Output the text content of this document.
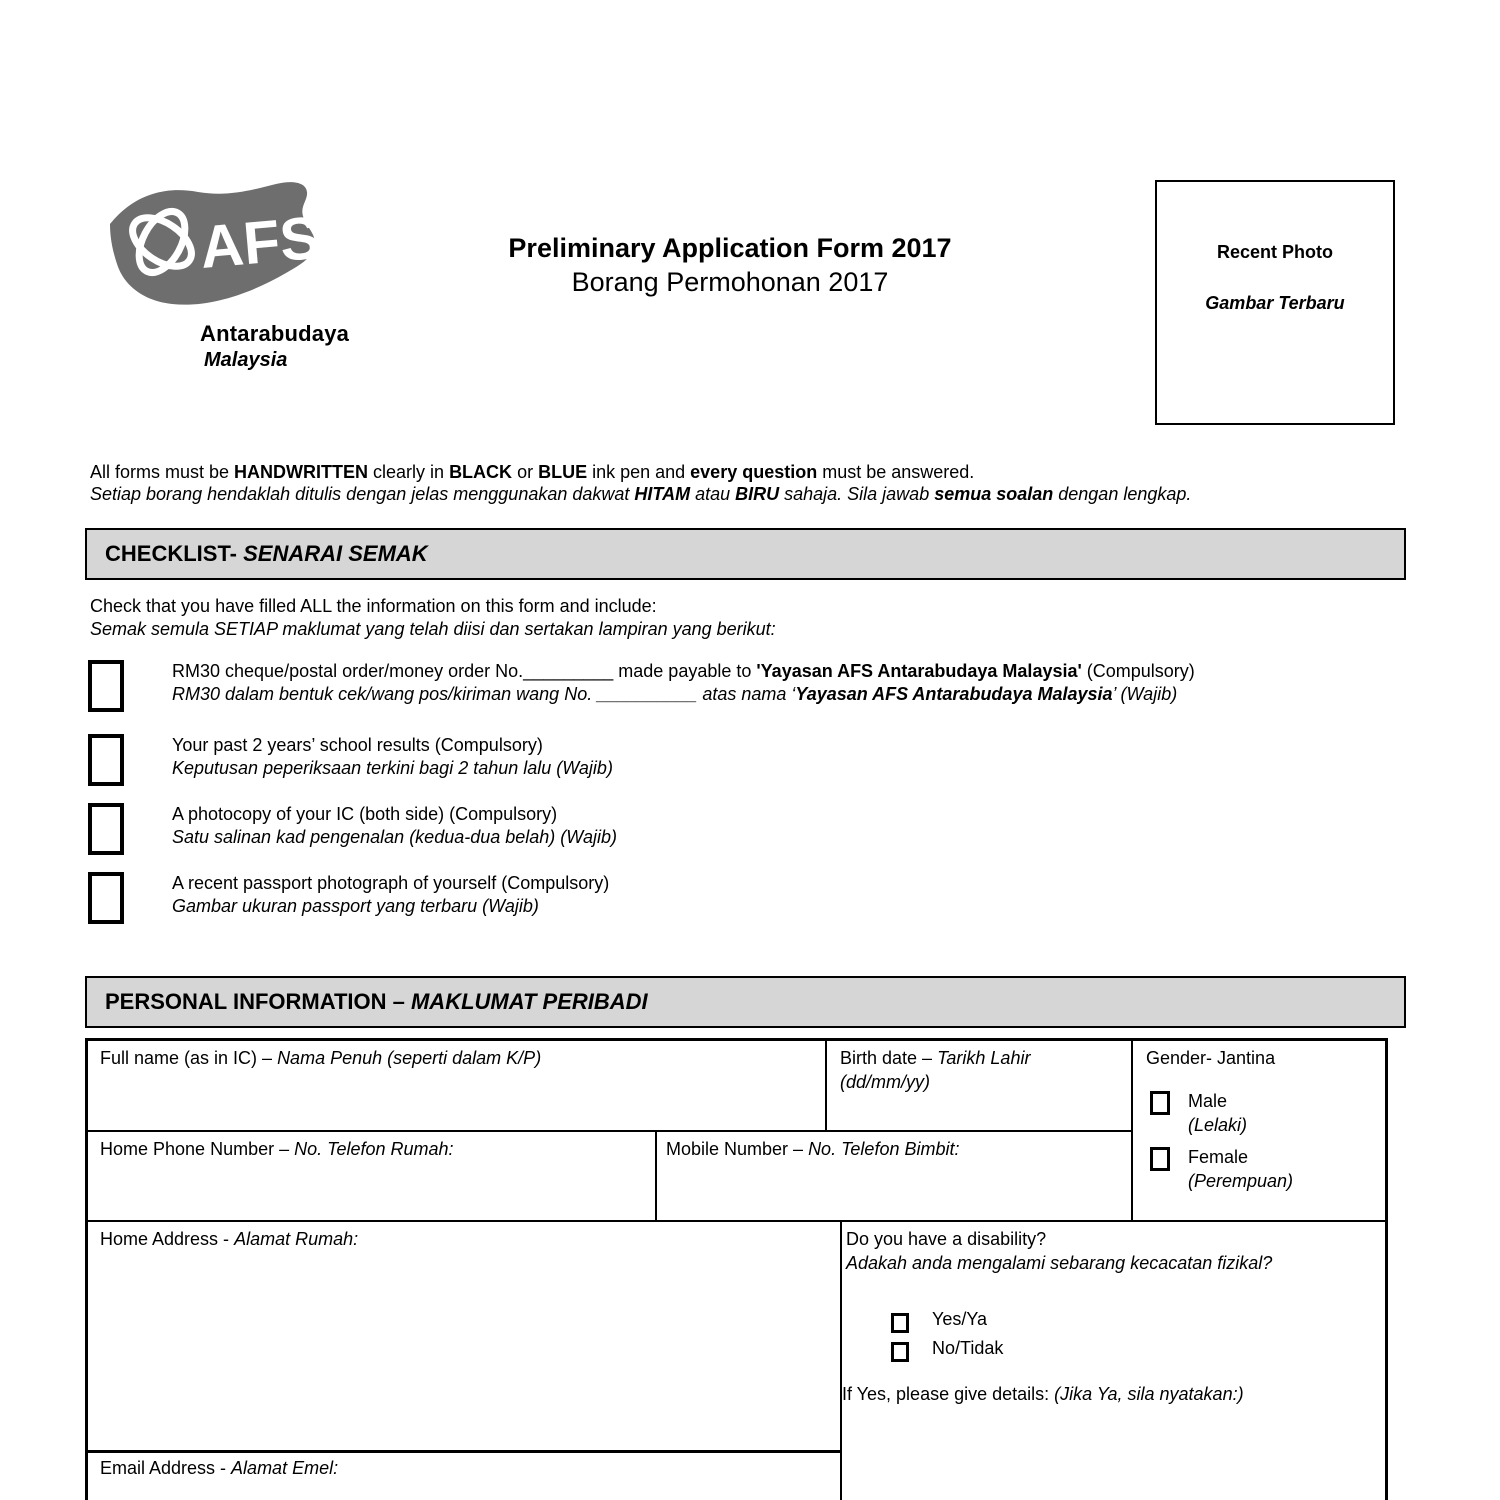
AFS
Antarabudaya
Malaysia
Preliminary Application Form 2017
Borang Permohonan 2017
Recent Photo
Gambar Terbaru
All forms must be HANDWRITTEN clearly in BLACK or BLUE ink pen and every question must be answered.
Setiap borang hendaklah ditulis dengan jelas menggunakan dakwat HITAM atau BIRU sahaja. Sila jawab semua soalan dengan lengkap.
CHECKLIST- SENARAI SEMAK
Check that you have filled ALL the information on this form and include:
Semak semula SETIAP maklumat yang telah diisi dan sertakan lampiran yang berikut:
RM30 cheque/postal order/money order No._________ made payable to 'Yayasan AFS Antarabudaya Malaysia' (Compulsory)
RM30 dalam bentuk cek/wang pos/kiriman wang No. __________ atas nama ‘Yayasan AFS Antarabudaya Malaysia’ (Wajib)
Your past 2 years’ school results (Compulsory)
Keputusan peperiksaan terkini bagi 2 tahun lalu (Wajib)
A photocopy of your IC (both side) (Compulsory)
Satu salinan kad pengenalan (kedua-dua belah) (Wajib)
A recent passport photograph of yourself (Compulsory)
Gambar ukuran passport yang terbaru (Wajib)
PERSONAL INFORMATION – MAKLUMAT PERIBADI
Full name (as in IC) – Nama Penuh (seperti dalam K/P)	Birth date – Tarikh Lahir
(dd/mm/yy)
Gender- Jantina
Male
(Lelaki)
Female
(Perempuan)
Home Phone Number – No. Telefon Rumah:	Mobile Number – No. Telefon Bimbit:
Home Address - Alamat Rumah:	Do you have a disability?
Adakah anda mengalami sebarang kecacatan fizikal?
Yes/Ya
No/Tidak
If Yes, please give details: (Jika Ya, sila nyatakan:)
Email Address - Alamat Emel:
